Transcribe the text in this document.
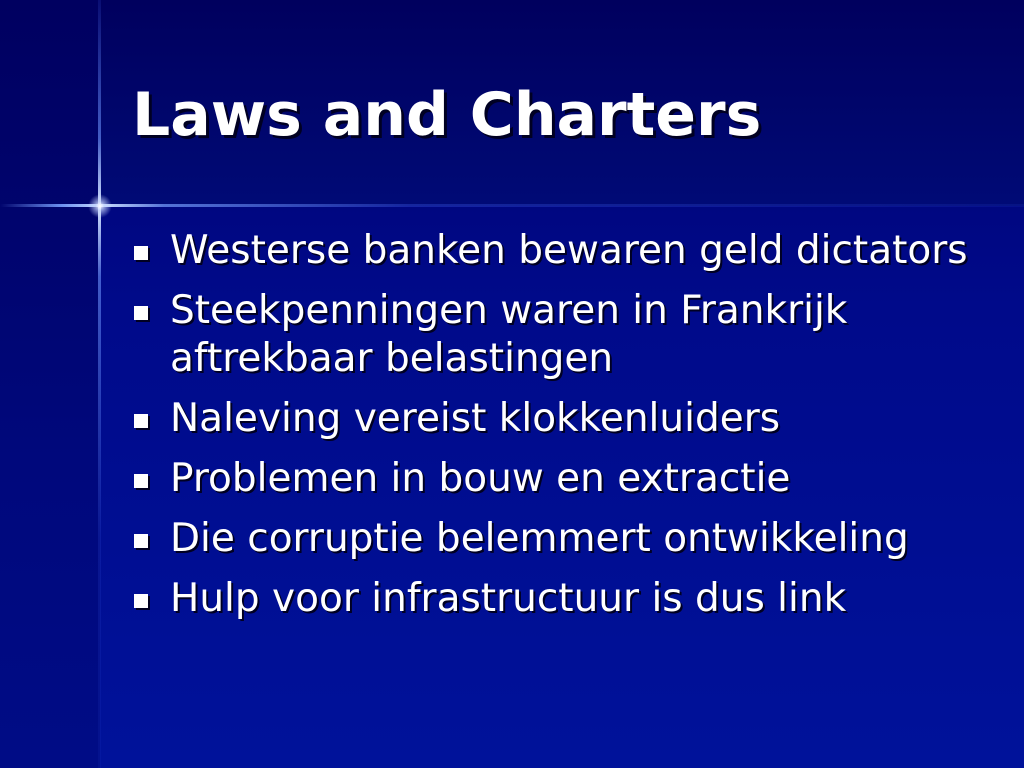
Laws and Charters
Westerse banken bewaren geld dictators
Steekpenningen waren in Frankrijk aftrekbaar belastingen
Naleving vereist klokkenluiders
Problemen in bouw en extractie
Die corruptie belemmert ontwikkeling
Hulp voor infrastructuur is dus link
